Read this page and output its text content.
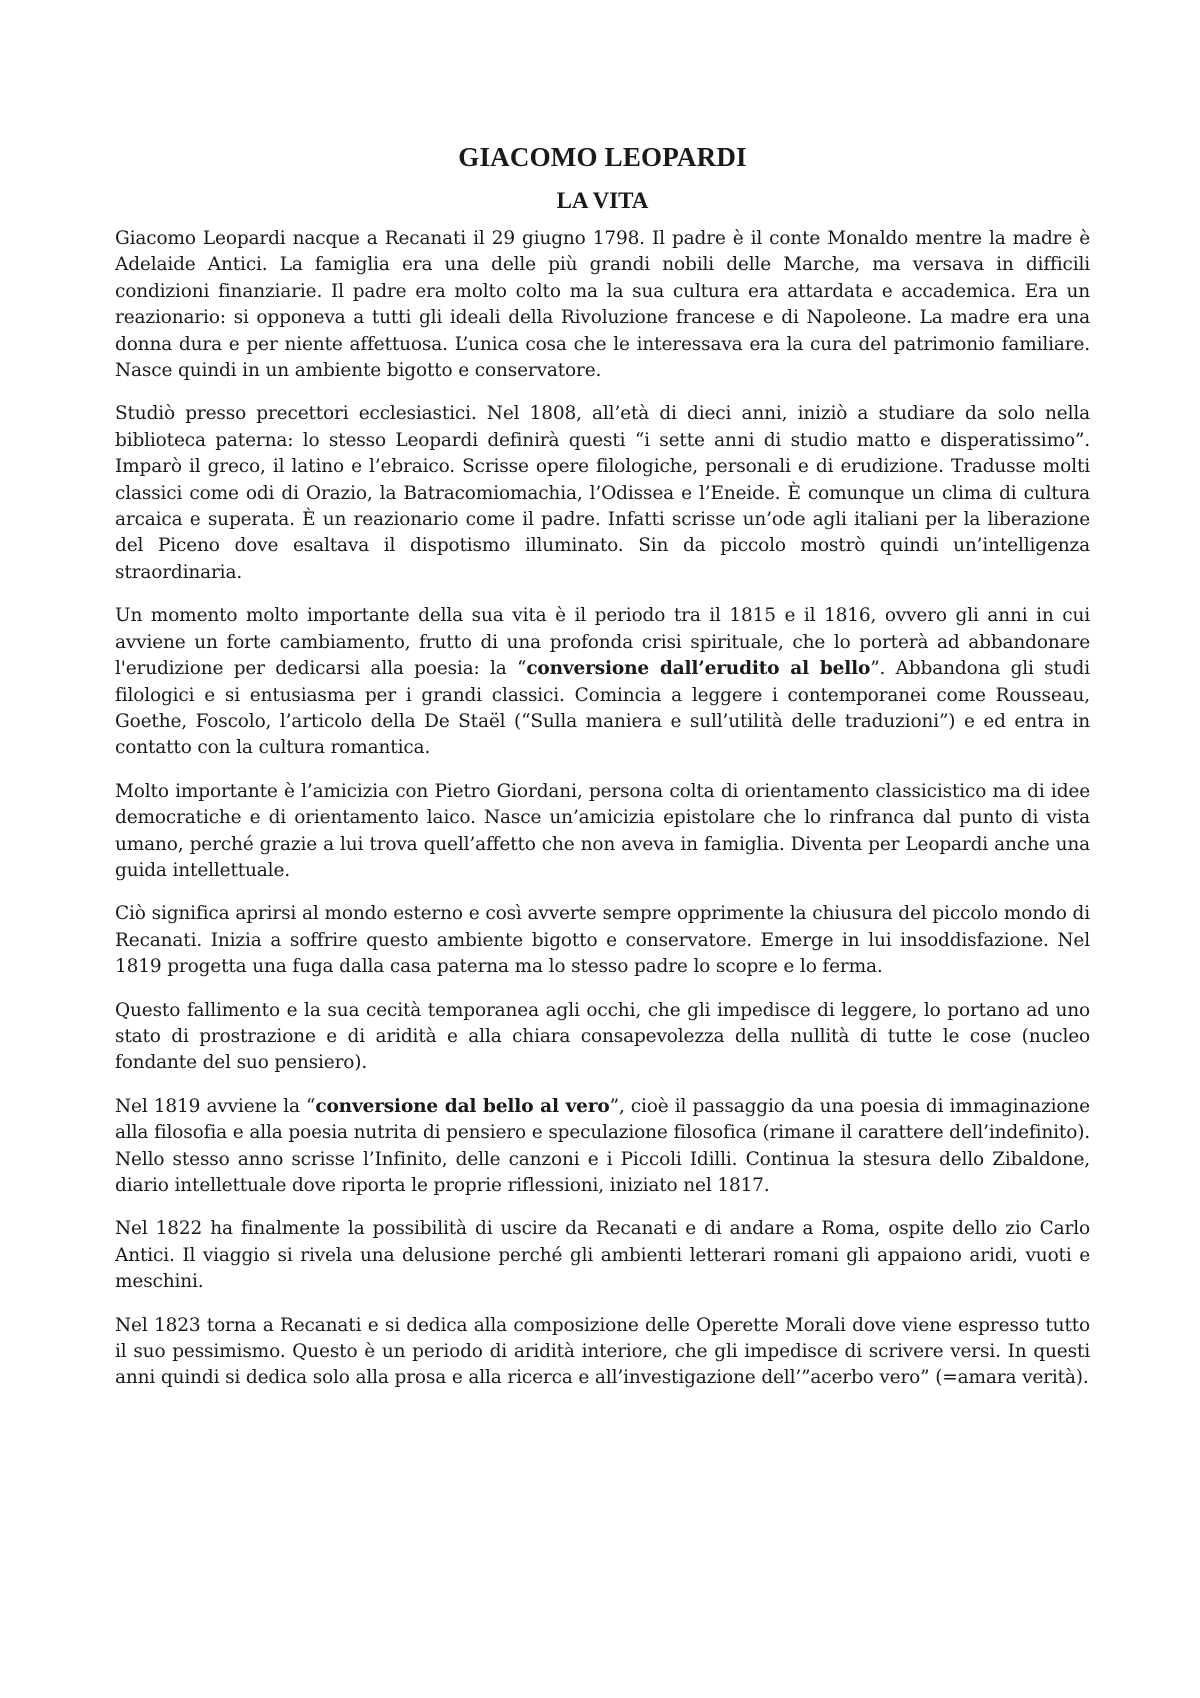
GIACOMO LEOPARDI
LA VITA

Giacomo Leopardi nacque a Recanati il 29 giugno 1798. Il padre è il conte Monaldo mentre la madre è Adelaide Antici. La famiglia era una delle più grandi nobili delle Marche, ma versava in difficili condizioni finanziarie. Il padre era molto colto ma la sua cultura era attardata e accademica. Era un reazionario: si opponeva a tutti gli ideali della Rivoluzione francese e di Napoleone. La madre era una donna dura e per niente affettuosa. L’unica cosa che le interessava era la cura del patrimonio familiare. Nasce quindi in un ambiente bigotto e conservatore.

Studiò presso precettori ecclesiastici. Nel 1808, all’età di dieci anni, iniziò a studiare da solo nella biblioteca paterna: lo stesso Leopardi definirà questi “i sette anni di studio matto e disperatissimo”. Imparò il greco, il latino e l’ebraico. Scrisse opere filologiche, personali e di erudizione. Tradusse molti classici come odi di Orazio, la Batracomiomachia, l’Odissea e l’Eneide. È comunque un clima di cultura arcaica e superata. È un reazionario come il padre. Infatti scrisse un’ode agli italiani per la liberazione del Piceno dove esaltava il dispotismo illuminato. Sin da piccolo mostrò quindi un’intelligenza straordinaria.

Un momento molto importante della sua vita è il periodo tra il 1815 e il 1816, ovvero gli anni in cui avviene un forte cambiamento, frutto di una profonda crisi spirituale, che lo porterà ad abbandonare l'erudizione per dedicarsi alla poesia: la “conversione dall’erudito al bello”. Abbandona gli studi filologici e si entusiasma per i grandi classici. Comincia a leggere i contemporanei come Rousseau, Goethe, Foscolo, l’articolo della De Staël (“Sulla maniera e sull’utilità delle traduzioni”) e ed entra in contatto con la cultura romantica.

Molto importante è l’amicizia con Pietro Giordani, persona colta di orientamento classicistico ma di idee democratiche e di orientamento laico. Nasce un’amicizia epistolare che lo rinfranca dal punto di vista umano, perché grazie a lui trova quell’affetto che non aveva in famiglia. Diventa per Leopardi anche una guida intellettuale.

Ciò significa aprirsi al mondo esterno e così avverte sempre opprimente la chiusura del piccolo mondo di Recanati. Inizia a soffrire questo ambiente bigotto e conservatore. Emerge in lui insoddisfazione. Nel 1819 progetta una fuga dalla casa paterna ma lo stesso padre lo scopre e lo ferma.

Questo fallimento e la sua cecità temporanea agli occhi, che gli impedisce di leggere, lo portano ad uno stato di prostrazione e di aridità e alla chiara consapevolezza della nullità di tutte le cose (nucleo fondante del suo pensiero).

Nel 1819 avviene la “conversione dal bello al vero”, cioè il passaggio da una poesia di immaginazione alla filosofia e alla poesia nutrita di pensiero e speculazione filosofica (rimane il carattere dell’indefinito). Nello stesso anno scrisse l’Infinito, delle canzoni e i Piccoli Idilli. Continua la stesura dello Zibaldone, diario intellettuale dove riporta le proprie riflessioni, iniziato nel 1817.

Nel 1822 ha finalmente la possibilità di uscire da Recanati e di andare a Roma, ospite dello zio Carlo Antici. Il viaggio si rivela una delusione perché gli ambienti letterari romani gli appaiono aridi, vuoti e meschini.

Nel 1823 torna a Recanati e si dedica alla composizione delle Operette Morali dove viene espresso tutto il suo pessimismo. Questo è un periodo di aridità interiore, che gli impedisce di scrivere versi. In questi anni quindi si dedica solo alla prosa e alla ricerca e all’investigazione dell’”acerbo vero” (=amara verità).
